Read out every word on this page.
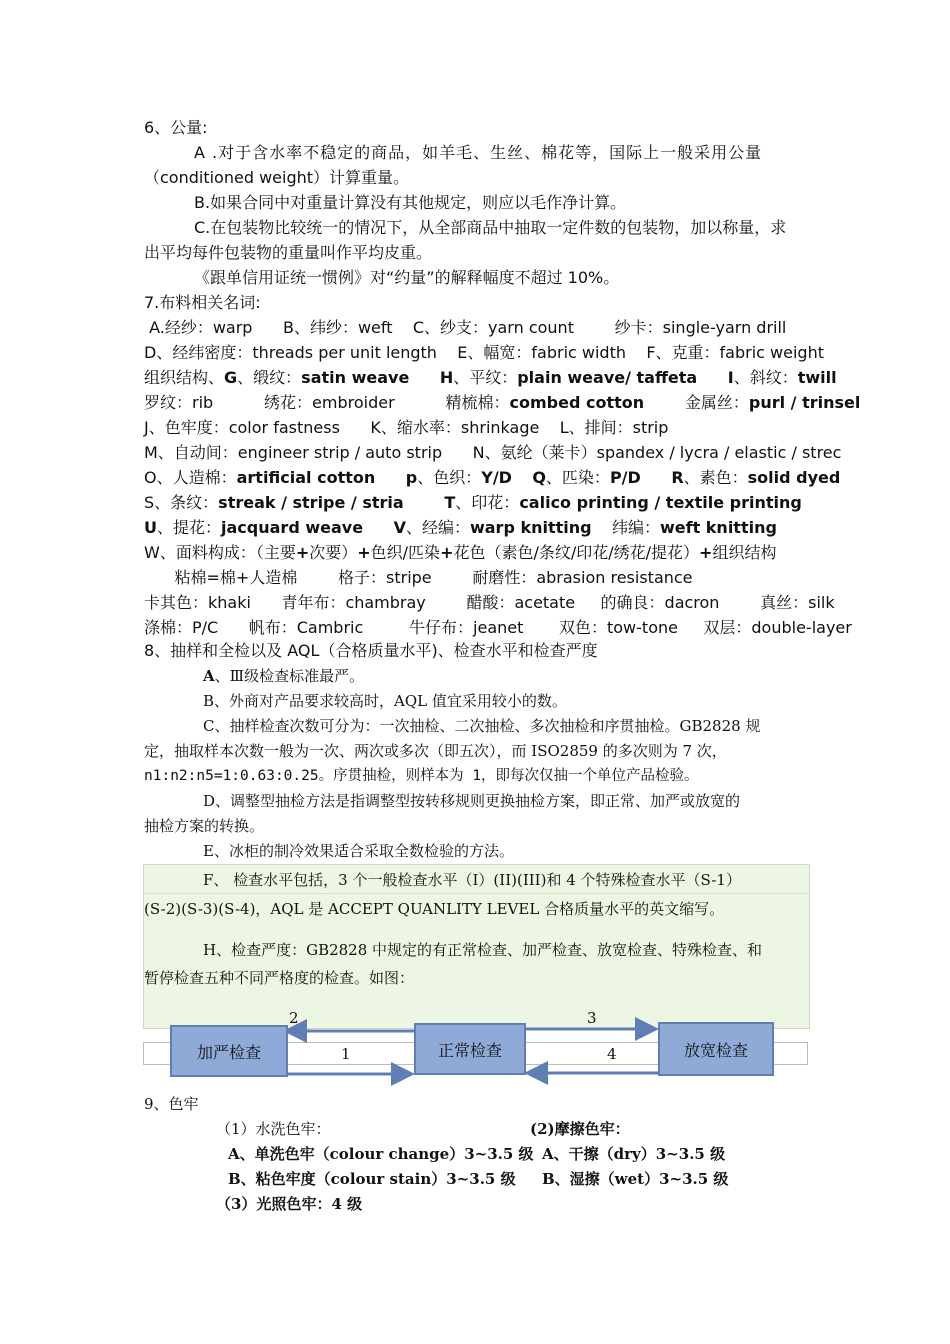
6、公量:
A .对于含水率不稳定的商品，如羊毛、生丝、棉花等，国际上一般采用公量
（conditioned weight）计算重量。
B.如果合同中对重量计算没有其他规定，则应以毛作净计算。
C.在包装物比较统一的情况下，从全部商品中抽取一定件数的包装物，加以称量，求
出平均每件包装物的重量叫作平均皮重。
《跟单信用证统一惯例》对“约量”的解释幅度不超过 10%。
7.布料相关名词:
A.经纱：warp      B、纬纱：weft    C、纱支：yarn count        纱卡：single-yarn drill
D、经纬密度：threads per unit length    E、幅宽：fabric width    F、克重：fabric weight
组织结构、G、缎纹：satin weave H、平纹：plain weave/ taffeta I、斜纹：twill
罗纹：rib          绣花：embroider          精梳棉：combed cotton        金属丝：purl / trinsel
J、色牢度：color fastness      K、缩水率：shrinkage    L、排间：strip
M、自动间：engineer strip / auto strip      N、氨纶（莱卡）spandex / lycra / elastic / strec
O、人造棉：artificial cotton p、色织：Y/D Q、匹染：P/D R、素色：solid dyed
S、条纹：streak / stripe / stria	T、印花：calico printing / textile printing
U、提花：jacquard weave V、经编：warp knitting    纬编：weft knitting
W、面料构成：（主要+次要）+色织/匹染+花色（素色/条纹/印花/绣花/提花）+组织结构
粘棉=棉+人造棉        格子：stripe        耐磨性：abrasion resistance
卡其色：khaki      青年布：chambray        醋酸：acetate     的确良：dacron        真丝：silk
涤棉：P/C      帆布：Cambric         牛仔布：jeanet       双色：tow-tone     双层：double-layer
8、抽样和全检以及 AQL（合格质量水平)、检查水平和检查严度
A、Ⅲ级检查标准最严。
B、外商对产品要求较高时，AQL 值宜采用较小的数。
C、抽样检查次数可分为：一次抽检、二次抽检、多次抽检和序贯抽检。GB2828 规
定，抽取样本次数一般为一次、两次或多次（即五次），而 ISO2859 的多次则为 7 次，
n1:n2:n5=1:0.63:0.25。序贯抽检，则样本为 1，即每次仅抽一个单位产品检验。
D、调整型抽检方法是指调整型按转移规则更换抽检方案，即正常、加严或放宽的
抽检方案的转换。
E、冰柜的制冷效果适合采取全数检验的方法。
F、 检查水平包括，3 个一般检查水平（I）(II)(III)和 4 个特殊检查水平（S-1）
(S-2)(S-3)(S-4)，AQL 是 ACCEPT QUANLITY LEVEL 合格质量水平的英文缩写。
H、检查严度：GB2828 中规定的有正常检查、加严检查、放宽检查、特殊检查、和
暂停检查五种不同严格度的检查。如图：
加严检查	正常检查	放宽检查
2
1
3
4
9、色牢
（1）水洗色牢：	(2)摩擦色牢：
A、单洗色牢（colour change）3~3.5 级 A、干擦（dry）3~3.5 级
B、粘色牢度（colour stain）3~3.5 级 B、湿擦（wet）3~3.5 级
（3）光照色牢：4 级
